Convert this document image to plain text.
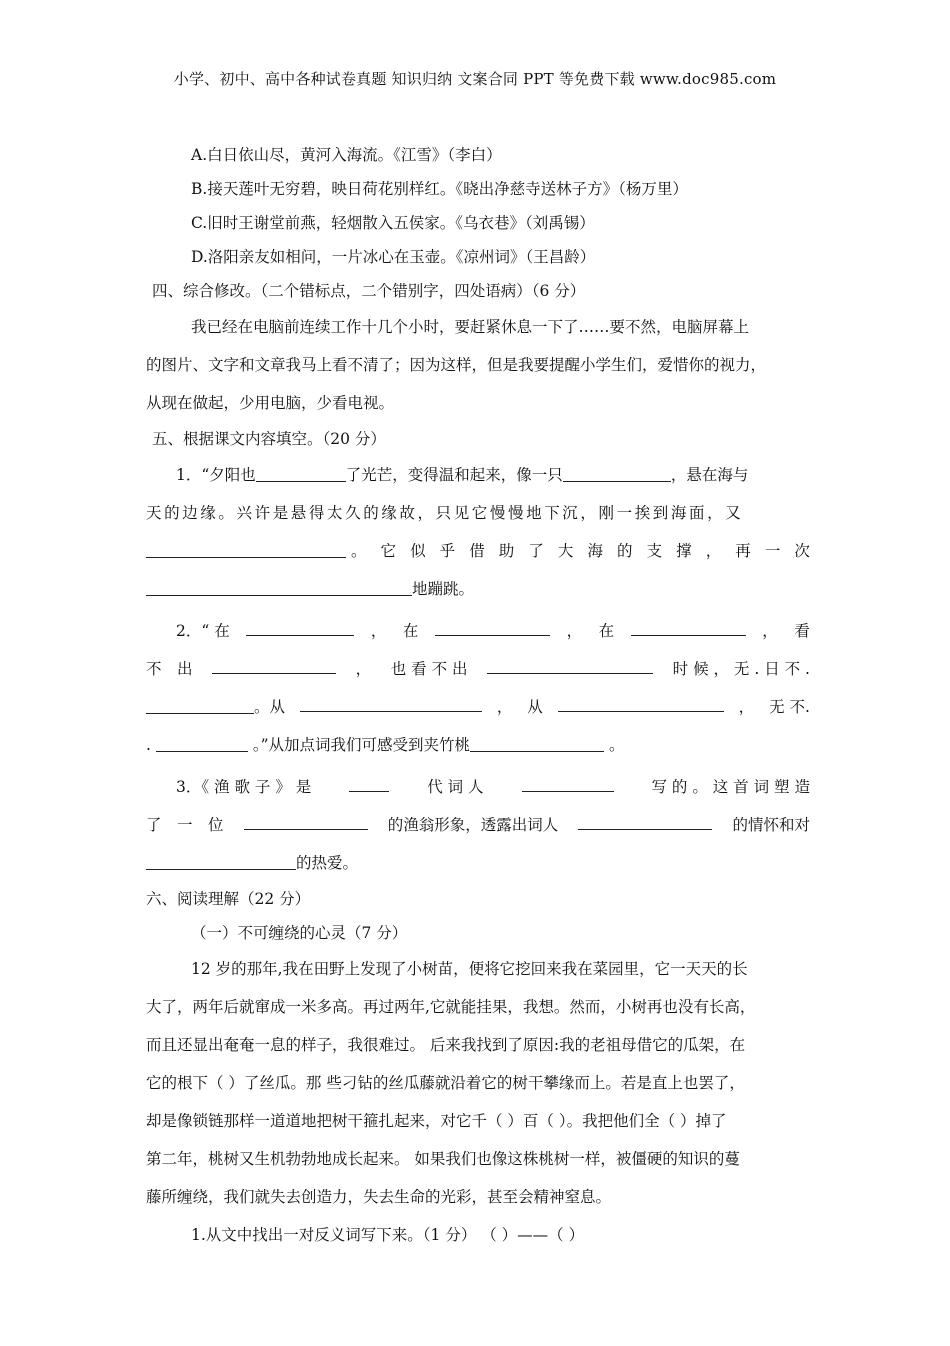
小学、初中、高中各种试卷真题 知识归纳 文案合同 PPT 等免费下载 www.doc985.com
A.白日依山尽，黄河入海流。《江雪》（李白）
B.接天莲叶无穷碧，映日荷花别样红。《晓出净慈寺送林子方》（杨万里）
C.旧时王谢堂前燕，轻烟散入五侯家。《乌衣巷》（刘禹锡）
D.洛阳亲友如相问，一片冰心在玉壶。《凉州词》（王昌龄）
四、综合修改。（二个错标点，二个错别字，四处语病）（6 分）
我已经在电脑前连续工作十几个小时，要赶紧休息一下了……要不然，电脑屏幕上
的图片、文字和文章我马上看不清了；因为这样，但是我要提醒小学生们，爱惜你的视力，
从现在做起，少用电脑，少看电视。
五、根据课文内容填空。（20 分）
1．“夕阳也	了光芒，变得温和起来，像一只	，悬在海与
天的边缘。兴许是悬得太久的缘故，只见它慢慢地下沉，刚一挨到海面，又
。 它 似 乎 借 助 了 大 海 的 支 撑 ， 再 一 次
地蹦跳。
2．“ 在	， 在	， 在	， 看
不　出	， 也 看 不 出	时 候 ， 无 . 日 不 .
。从	， 从	， 无 不.
.	。”从加点词我们可感受到夹竹桃	。
3．《 渔 歌 子 》 是	代 词 人	写 的 。 这 首 词 塑 造
了　一　位	的渔翁形象，透露出词人	的情怀和对
的热爱。
六、阅读理解（22 分）
（一）不可缠绕的心灵（7 分）
12 岁的那年,我在田野上发现了小树苗，便将它挖回来我在菜园里，它一天天的长
大了，两年后就窜成一米多高。再过两年,它就能挂果，我想。然而，小树再也没有长高，
而且还显出奄奄一息的样子，我很难过。 后来我找到了原因:我的老祖母借它的瓜架，在
它的根下（ ）了丝瓜。那 些刁钻的丝瓜藤就沿着它的树干攀缘而上。若是直上也罢了，
却是像锁链那样一道道地把树干箍扎起来，对它千（ ）百（ ）。我把他们全（ ）掉了
第二年，桃树又生机勃勃地成长起来。 如果我们也像这株桃树一样，被僵硬的知识的蔓
藤所缠绕，我们就失去创造力，失去生命的光彩，甚至会精神窒息。
1.从文中找出一对反义词写下来。（1 分） （ ）——（ ）
